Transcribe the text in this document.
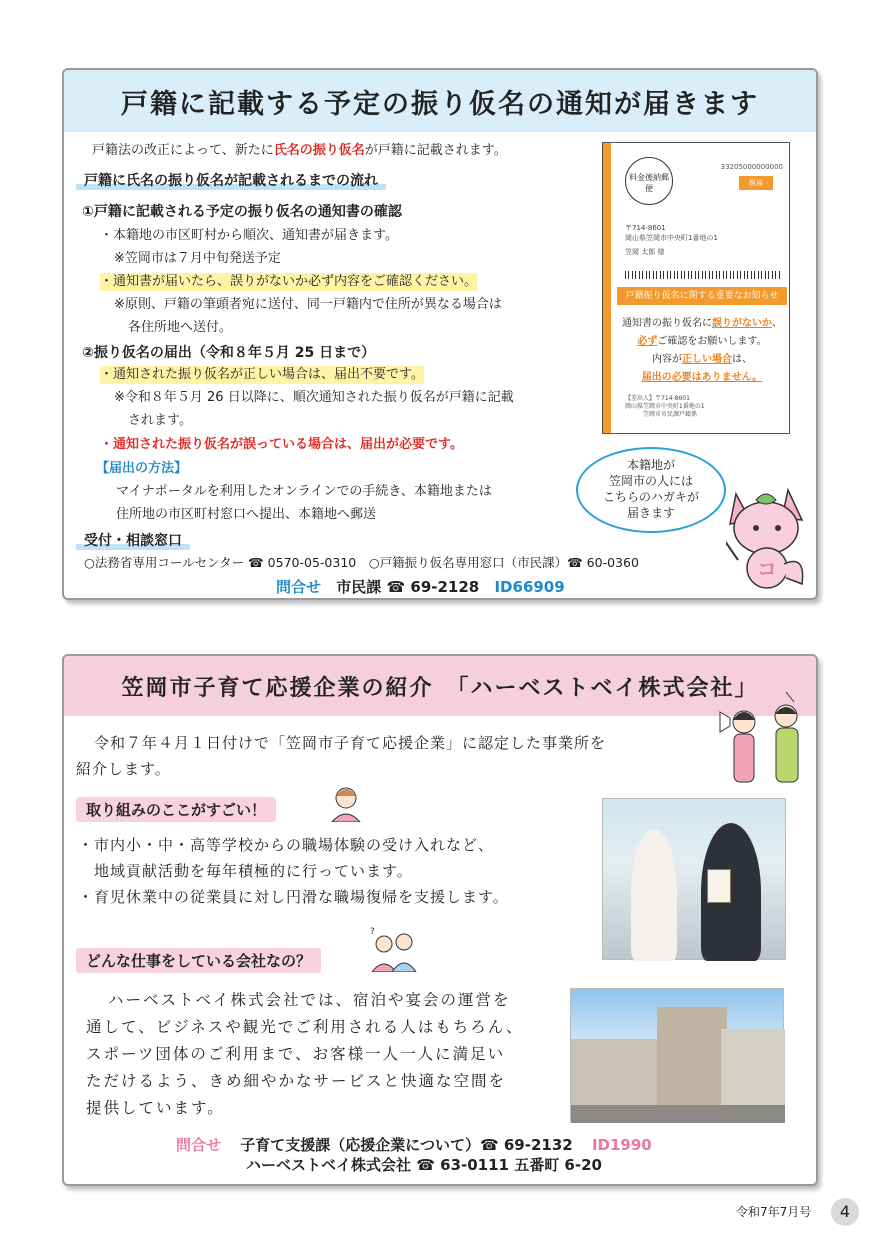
戸籍に記載する予定の振り仮名の通知が届きます
戸籍法の改正によって、新たに氏名の振り仮名が戸籍に記載されます。
戸籍に氏名の振り仮名が記載されるまでの流れ
①戸籍に記載される予定の振り仮名の通知書の確認
・本籍地の市区町村から順次、通知書が届きます。
※笠岡市は７月中旬発送予定
・通知書が届いたら、誤りがないか必ず内容をご確認ください。
※原則、戸籍の筆頭者宛に送付、同一戸籍内で住所が異なる場合は
各住所地へ送付。
②振り仮名の届出（令和８年５月 25 日まで）
・通知された振り仮名が正しい場合は、届出不要です。
※令和８年５月 26 日以降に、順次通知された振り仮名が戸籍に記載
されます。
・通知された振り仮名が誤っている場合は、届出が必要です。
【届出の方法】
マイナポータルを利用したオンラインでの手続き、本籍地または
住所地の市区町村窓口へ提出、本籍地へ郵送
受付・相談窓口
○法務省専用コールセンター ☎ 0570-05-0310　○戸籍振り仮名専用窓口（市民課）☎ 60-0360
問合せ 市民課 ☎ 69-2128 ID66909
料金後納郵便
33205000000000
親展
〒714-8601
岡山県笠岡市中央町1番地の1
笠岡 太郎 様
戸籍振り仮名に関する重要なお知らせ
通知書の振り仮名に誤りがないか、
必ずご確認をお願いします。
内容が正しい場合は、
届出の必要はありません。
【差出人】〒714-8601
岡山県笠岡市中央町1番地の1
笠岡市市民課戸籍係
本籍地が
笠岡市の人には
こちらのハガキが
届きます
コ
笠岡市子育て応援企業の紹介　「ハーベストベイ株式会社」
令和７年４月１日付けで「笠岡市子育て応援企業」に認定した事業所を
紹介します。
取り組みのここがすごい！
・市内小・中・高等学校からの職場体験の受け入れなど、
地域貢献活動を毎年積極的に行っています。
・育児休業中の従業員に対し円滑な職場復帰を支援します。
どんな仕事をしている会社なの？
?
ハーベストベイ株式会社では、宿泊や宴会の運営を
通して、ビジネスや観光でご利用される人はもちろん、
スポーツ団体のご利用まで、お客様一人一人に満足い
ただけるよう、きめ細やかなサービスと快適な空間を
提供しています。
問合せ 子育て支援課（応援企業について）☎ 69-2132 ID1990
ハーベストベイ株式会社 ☎ 63-0111 五番町 6-20
令和7年7月号	4
